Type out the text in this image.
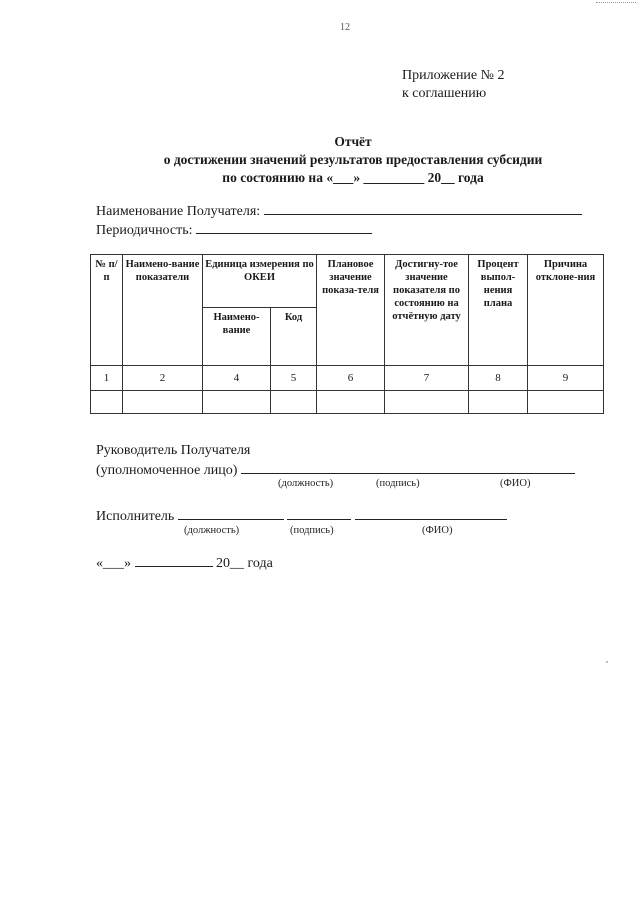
12
Приложение № 2
к соглашению
Отчёт
о достижении значений результатов предоставления субсидии
по состоянию на «___» _________ 20__ года
Наименование Получателя:
Периодичность:
№ п/п	Наимено-вание показатели	Единица измерения по ОКЕИ		Плановое значение показа-теля	Достигну-тое значение показателя по состоянию на отчётную дату	Процент выпол-нения плана	Причина отклоне-ния
		Наимено-вание	Код				
1	2	4	5	6	7	8	9

Руководитель Получателя
(уполномоченное лицо)
(должность)	(подпись)	(ФИО)
Исполнитель
(должность)	(подпись)	(ФИО)
«___»	20__ года
